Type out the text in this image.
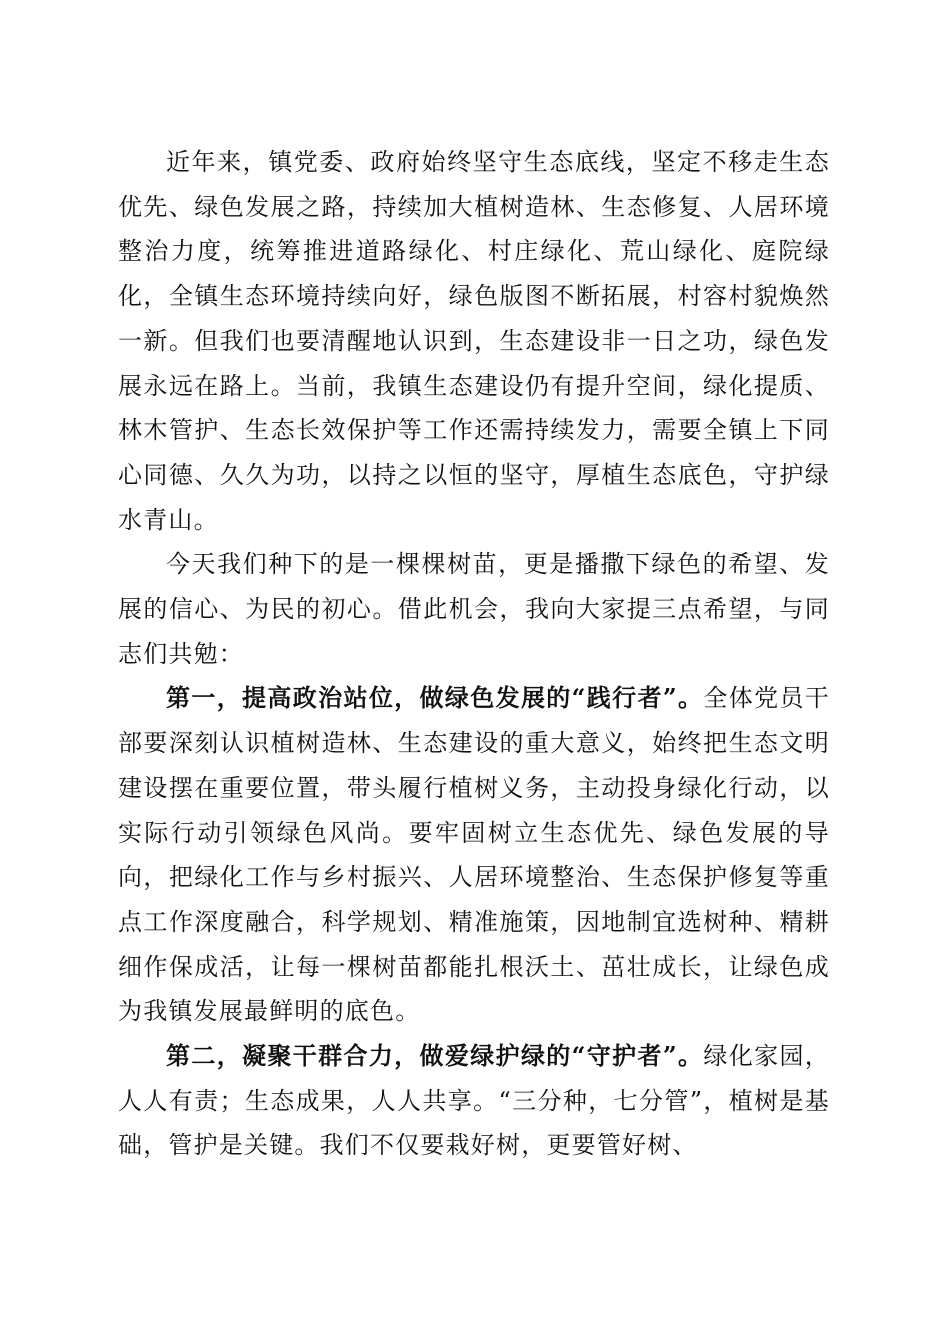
近年来，镇党委、政府始终坚守生态底线，坚定不移走生态优先、绿色发展之路，持续加大植树造林、生态修复、人居环境整治力度，统筹推进道路绿化、村庄绿化、荒山绿化、庭院绿化，全镇生态环境持续向好，绿色版图不断拓展，村容村貌焕然一新。但我们也要清醒地认识到，生态建设非一日之功，绿色发展永远在路上。当前，我镇生态建设仍有提升空间，绿化提质、林木管护、生态长效保护等工作还需持续发力，需要全镇上下同心同德、久久为功，以持之以恒的坚守，厚植生态底色，守护绿水青山。

今天我们种下的是一棵棵树苗，更是播撒下绿色的希望、发展的信心、为民的初心。借此机会，我向大家提三点希望，与同志们共勉：

第一，提高政治站位，做绿色发展的“践行者”。全体党员干部要深刻认识植树造林、生态建设的重大意义，始终把生态文明建设摆在重要位置，带头履行植树义务，主动投身绿化行动，以实际行动引领绿色风尚。要牢固树立生态优先、绿色发展的导向，把绿化工作与乡村振兴、人居环境整治、生态保护修复等重点工作深度融合，科学规划、精准施策，因地制宜选树种、精耕细作保成活，让每一棵树苗都能扎根沃土、茁壮成长，让绿色成为我镇发展最鲜明的底色。

第二，凝聚干群合力，做爱绿护绿的“守护者”。绿化家园，人人有责；生态成果，人人共享。“三分种，七分管”，植树是基础，管护是关键。我们不仅要栽好树，更要管好树、
